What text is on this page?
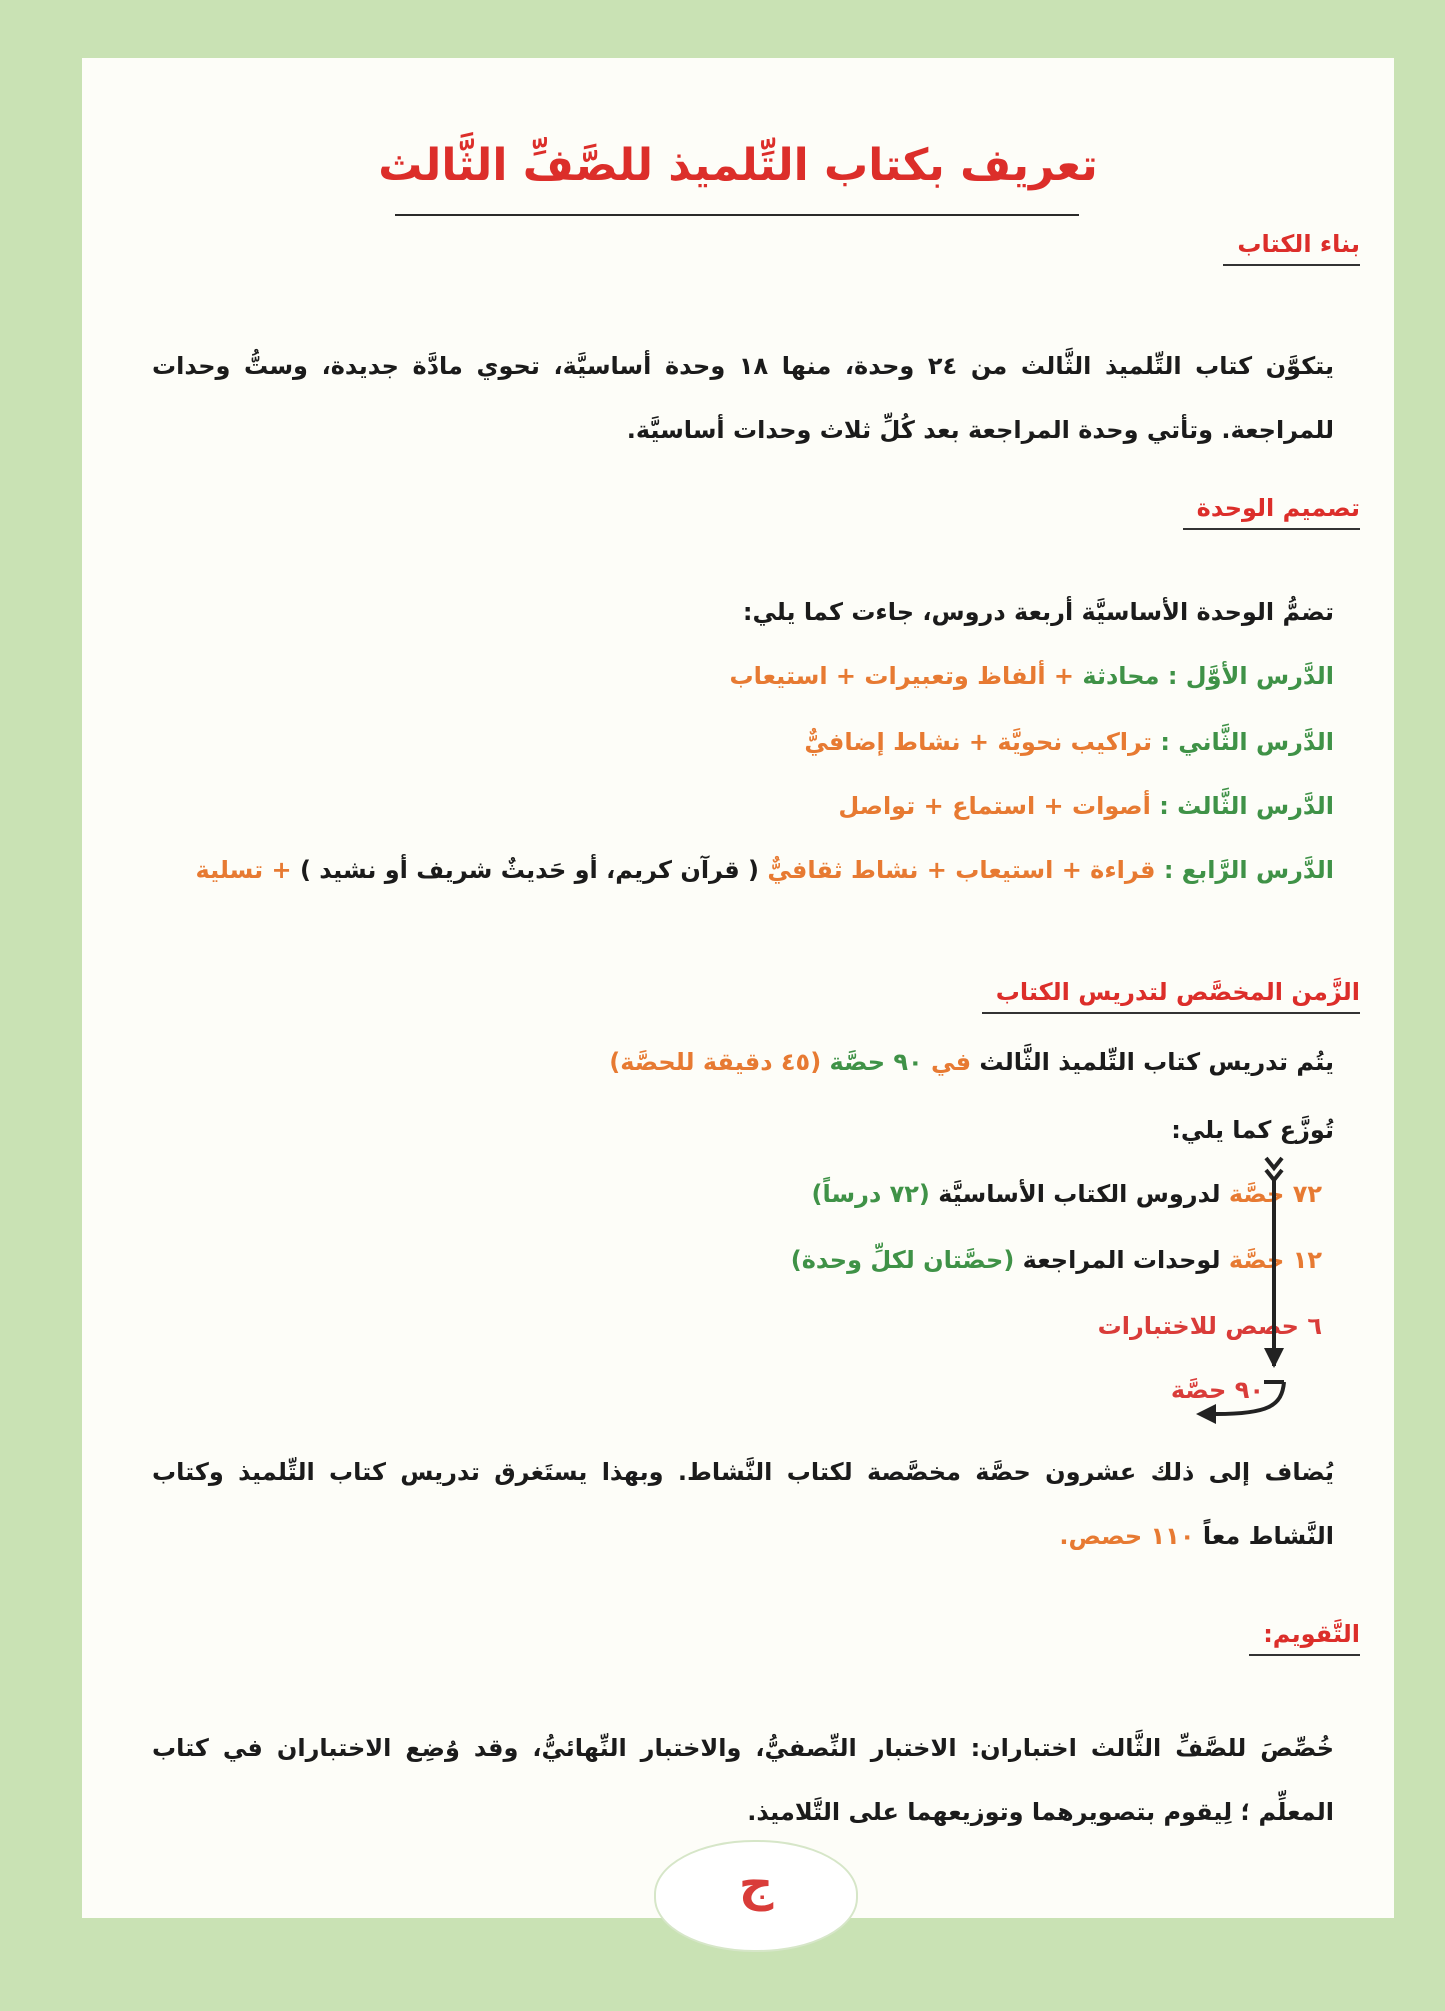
تعريف بكتاب التِّلميذ للصَّفِّ الثَّالث
بناء الكتاب
يتكوَّن كتاب التِّلميذ الثَّالث من ٢٤ وحدة، منها ١٨ وحدة أساسيَّة، تحوي مادَّة جديدة، وستُّ وحدات للمراجعة. وتأتي وحدة المراجعة بعد كُلِّ ثلاث وحدات أساسيَّة.
تصميم الوحدة
تضمُّ الوحدة الأساسيَّة أربعة دروس، جاءت كما يلي:
الدَّرس الأوَّل : محادثة + ألفاظ وتعبيرات + استيعاب
الدَّرس الثَّاني : تراكيب نحويَّة + نشاط إضافيٌّ
الدَّرس الثَّالث : أصوات + استماع + تواصل
الدَّرس الرَّابع : قراءة + استيعاب + نشاط ثقافيٌّ ( قرآن كريم، أو حَديثٌ شريف أو نشيد ) + تسلية
الزَّمن المخصَّص لتدريس الكتاب
يتُم تدريس كتاب التِّلميذ الثَّالث في ٩٠ حصَّة (٤٥ دقيقة للحصَّة)
تُوزَّع كما يلي:
٧٢ حصَّة لدروس الكتاب الأساسيَّة (٧٢ درساً)
١٢ حصَّة لوحدات المراجعة (حصَّتان لكلِّ وحدة)
٦ حصص للاختبارات
٩٠ حصَّة
يُضاف إلى ذلك عشرون حصَّة مخصَّصة لكتاب النَّشاط. وبهذا يستَغرق تدريس كتاب التِّلميذ وكتاب النَّشاط معاً ١١٠ حصص.
التَّقويم:
خُصِّصَ للصَّفِّ الثَّالث اختباران: الاختبار النِّصفيُّ، والاختبار النِّهائيُّ، وقد وُضِع الاختباران في كتاب المعلِّم ؛ لِيقوم بتصويرهما وتوزيعهما على التَّلاميذ.
ج
